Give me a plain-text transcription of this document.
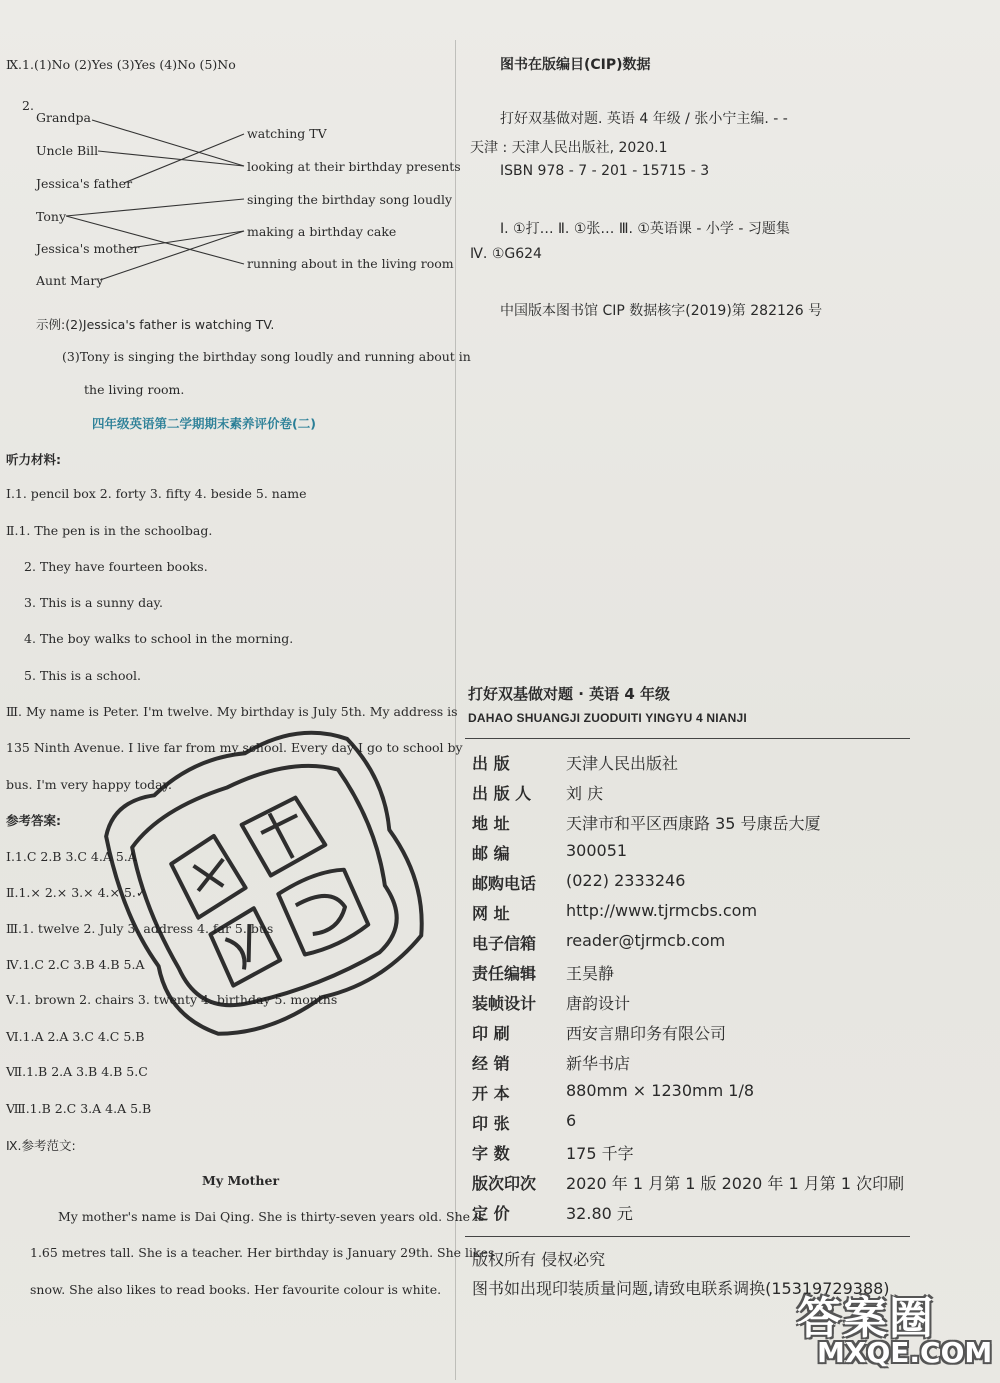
Ⅸ.1.(1)No (2)Yes (3)Yes (4)No (5)No
2.
Grandpa
Uncle Bill
Jessica's father
Tony
Jessica's mother
Aunt Mary
watching TV
looking at their birthday presents
singing the birthday song loudly
making a birthday cake
running about in the living room
示例:(2)Jessica's father is watching TV.
(3)Tony is singing the birthday song loudly and running about in
the living room.
四年级英语第二学期期末素养评价卷(二)
听力材料:
Ⅰ.1. pencil box 2. forty 3. fifty 4. beside 5. name
Ⅱ.1. The pen is in the schoolbag.
2. They have fourteen books.
3. This is a sunny day.
4. The boy walks to school in the morning.
5. This is a school.
Ⅲ. My name is Peter. I'm twelve. My birthday is July 5th. My address is
135 Ninth Avenue. I live far from my school. Every day I go to school by
bus. I'm very happy today.
参考答案:
Ⅰ.1.C 2.B 3.C 4.A 5.A
Ⅱ.1.× 2.× 3.× 4.× 5.✓
Ⅲ.1. twelve 2. July 3. address 4. far 5. bus
Ⅳ.1.C 2.C 3.B 4.B 5.A
Ⅴ.1. brown 2. chairs 3. twenty 4. birthday 5. months
Ⅵ.1.A 2.A 3.C 4.C 5.B
Ⅶ.1.B 2.A 3.B 4.B 5.C
Ⅷ.1.B 2.C 3.A 4.A 5.B
Ⅸ.参考范文:
My Mother
My mother's name is Dai Qing. She is thirty-seven years old. She is
1.65 metres tall. She is a teacher. Her birthday is January 29th. She likes
snow. She also likes to read books. Her favourite colour is white.
图书在版编目(CIP)数据
打好双基做对题. 英语 4 年级 / 张小宁主编. - -
天津 : 天津人民出版社, 2020.1
ISBN 978 - 7 - 201 - 15715 - 3
Ⅰ. ①打… Ⅱ. ①张… Ⅲ. ①英语课 - 小学 - 习题集
Ⅳ. ①G624
中国版本图书馆 CIP 数据核字(2019)第 282126 号
打好双基做对题 · 英语 4 年级
DAHAO SHUANGJI ZUODUITI YINGYU 4 NIANJI
出 版	天津人民出版社
出 版 人	刘 庆
地 址	天津市和平区西康路 35 号康岳大厦
邮 编	300051
邮购电话	(022) 2333246
网 址	http://www.tjrmcbs.com
电子信箱	reader@tjrmcb.com
责任编辑	王昊静
装帧设计	唐韵设计
印 刷	西安言鼎印务有限公司
经 销	新华书店
开 本	880mm × 1230mm 1/8
印 张	6
字 数	175 千字
版次印次	2020 年 1 月第 1 版 2020 年 1 月第 1 次印刷
定 价	32.80 元
版权所有 侵权必究
图书如出现印装质量问题,请致电联系调换(15319729388)
答案圈
MXQE.COM
